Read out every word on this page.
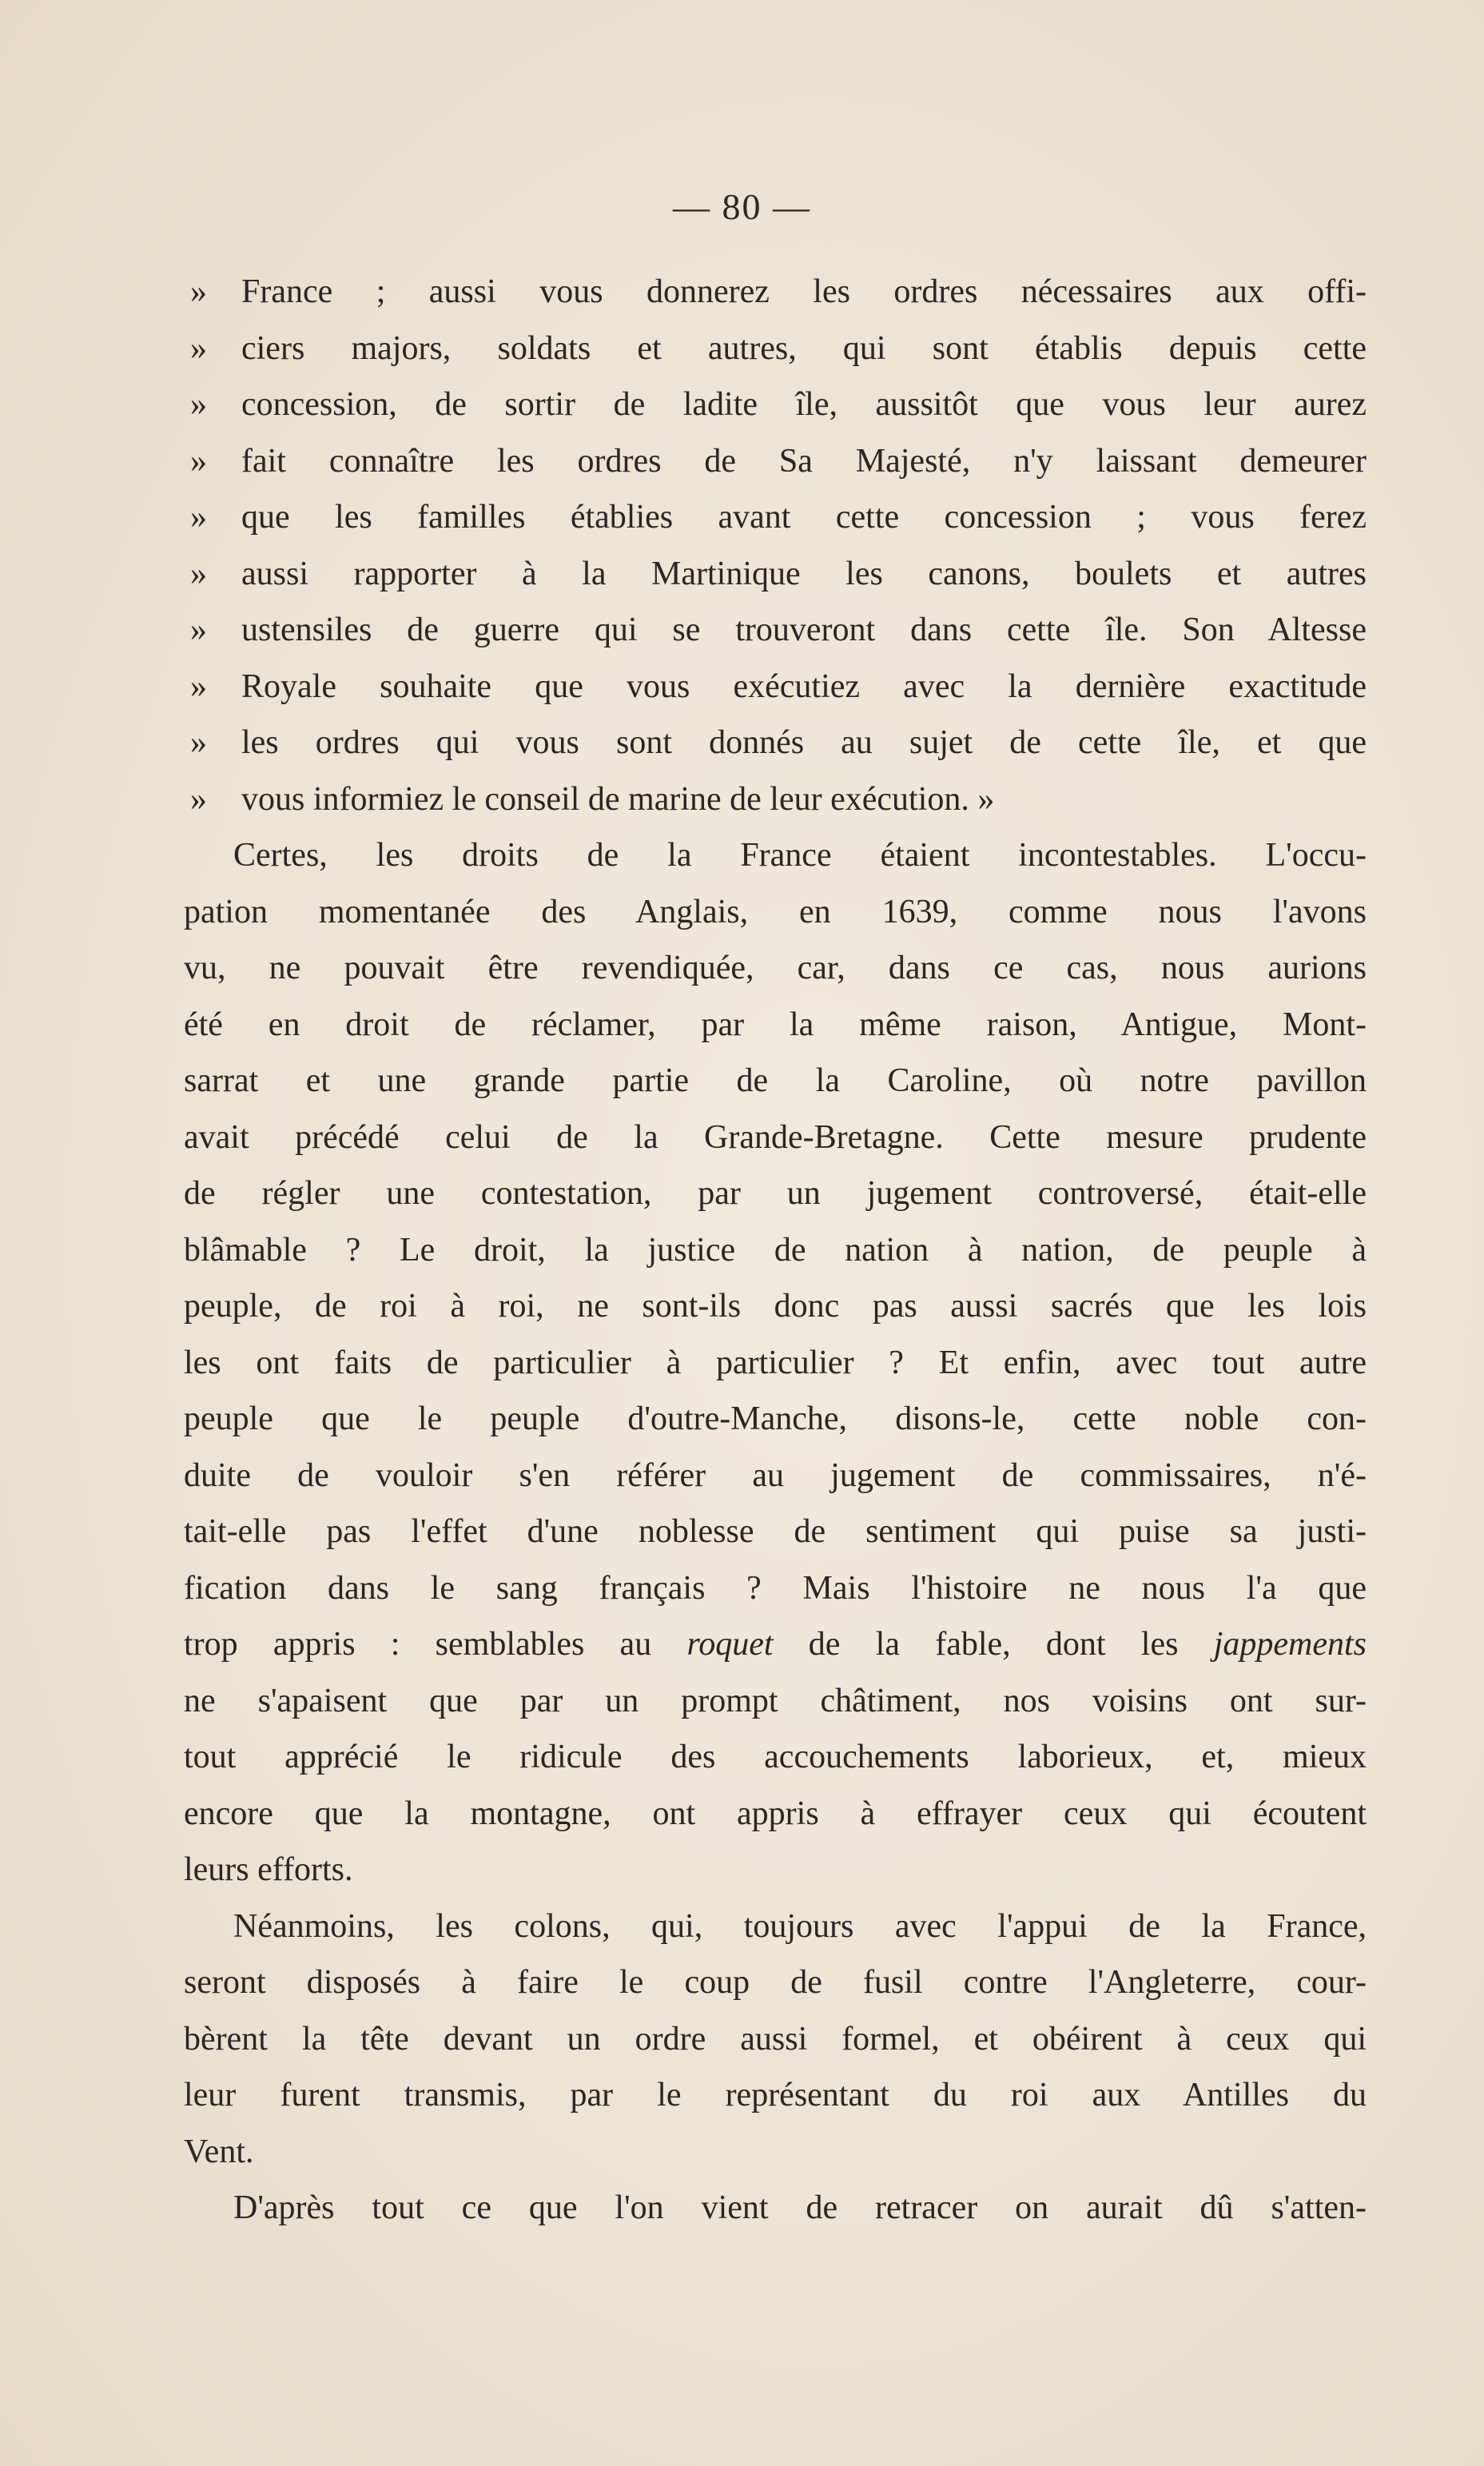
— 80 —
» France ; aussi vous donnerez les ordres nécessaires aux offi-
» ciers majors, soldats et autres, qui sont établis depuis cette
» concession, de sortir de ladite île, aussitôt que vous leur aurez
» fait connaître les ordres de Sa Majesté, n'y laissant demeurer
» que les familles établies avant cette concession ; vous ferez
» aussi rapporter à la Martinique les canons, boulets et autres
» ustensiles de guerre qui se trouveront dans cette île. Son Altesse
» Royale souhaite que vous exécutiez avec la dernière exactitude
» les ordres qui vous sont donnés au sujet de cette île, et que
» vous informiez le conseil de marine de leur exécution. »
Certes, les droits de la France étaient incontestables. L'occu-
pation momentanée des Anglais, en 1639, comme nous l'avons
vu, ne pouvait être revendiquée, car, dans ce cas, nous aurions
été en droit de réclamer, par la même raison, Antigue, Mont-
sarrat et une grande partie de la Caroline, où notre pavillon
avait précédé celui de la Grande-Bretagne. Cette mesure prudente
de régler une contestation, par un jugement controversé, était-elle
blâmable ? Le droit, la justice de nation à nation, de peuple à
peuple, de roi à roi, ne sont-ils donc pas aussi sacrés que les lois
les ont faits de particulier à particulier ? Et enfin, avec tout autre
peuple que le peuple d'outre-Manche, disons-le, cette noble con-
duite de vouloir s'en référer au jugement de commissaires, n'é-
tait-elle pas l'effet d'une noblesse de sentiment qui puise sa justi-
fication dans le sang français ? Mais l'histoire ne nous l'a que
trop appris : semblables au roquet de la fable, dont les jappements
ne s'apaisent que par un prompt châtiment, nos voisins ont sur-
tout apprécié le ridicule des accouchements laborieux, et, mieux
encore que la montagne, ont appris à effrayer ceux qui écoutent
leurs efforts.
Néanmoins, les colons, qui, toujours avec l'appui de la France,
seront disposés à faire le coup de fusil contre l'Angleterre, cour-
bèrent la tête devant un ordre aussi formel, et obéirent à ceux qui
leur furent transmis, par le représentant du roi aux Antilles du
Vent.
D'après tout ce que l'on vient de retracer on aurait dû s'atten-
